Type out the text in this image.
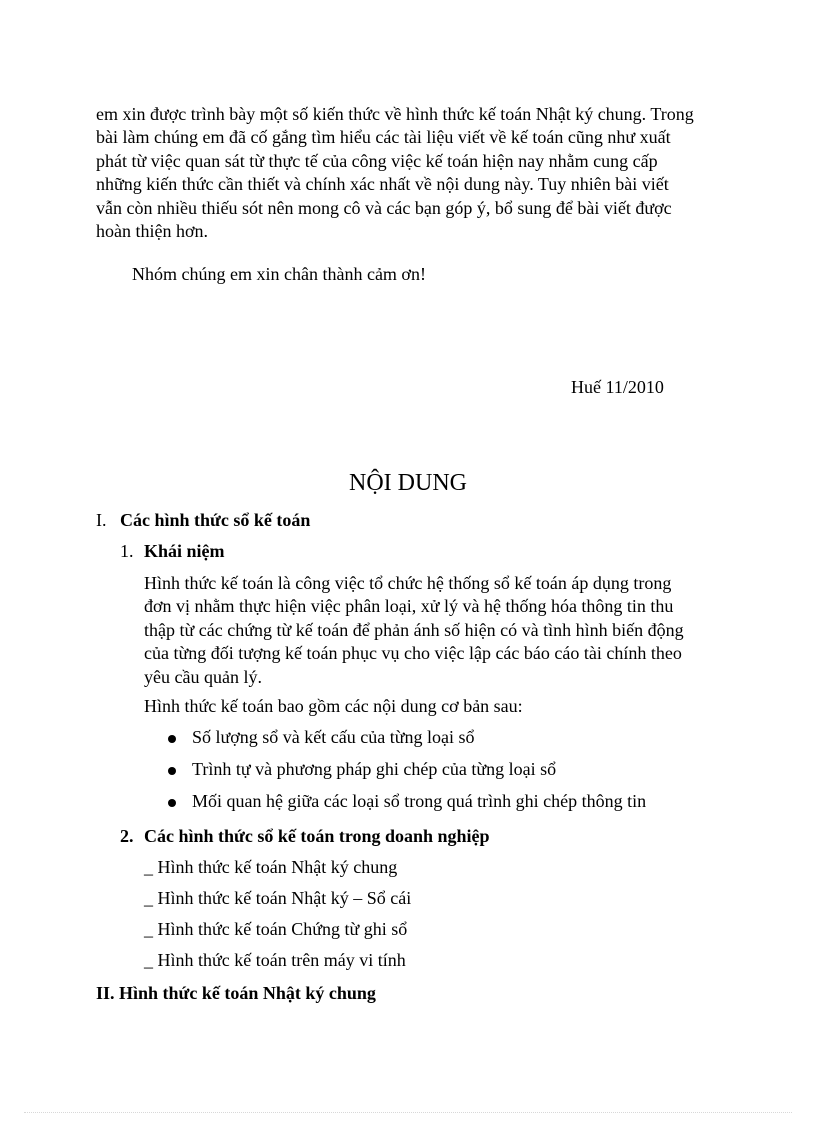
em xin được trình bày một số kiến thức về hình thức kế toán Nhật ký chung. Trong
bài làm chúng em đã cố gắng tìm hiểu các tài liệu viết về kế toán cũng như xuất
phát từ việc quan sát từ thực tế của công việc kế toán hiện nay nhằm cung cấp
những kiến thức cần thiết và chính xác nhất về nội dung này. Tuy nhiên bài viết
vẫn còn nhiều thiếu sót nên mong cô và các bạn góp ý, bổ sung để bài viết được
hoàn thiện hơn.

Nhóm chúng em xin chân thành cảm ơn!

Huế 11/2010

NỘI DUNG

I. Các hình thức sổ kế toán

1. Khái niệm

Hình thức kế toán là công việc tổ chức hệ thống sổ kế toán áp dụng trong
đơn vị nhằm thực hiện việc phân loại, xử lý và hệ thống hóa thông tin thu
thập từ các chứng từ kế toán để phản ánh số hiện có và tình hình biến động
của từng đối tượng kế toán phục vụ cho việc lập các báo cáo tài chính theo
yêu cầu quản lý.

Hình thức kế toán bao gồm các nội dung cơ bản sau:

Số lượng sổ và kết cấu của từng loại sổ
Trình tự và phương pháp ghi chép của từng loại sổ
Mối quan hệ giữa các loại sổ trong quá trình ghi chép thông tin

2. Các hình thức sổ kế toán trong doanh nghiệp

_ Hình thức kế toán Nhật ký chung
_ Hình thức kế toán Nhật ký – Sổ cái
_ Hình thức kế toán Chứng từ ghi sổ
_ Hình thức kế toán trên máy vi tính

II. Hình thức kế toán Nhật ký chung
